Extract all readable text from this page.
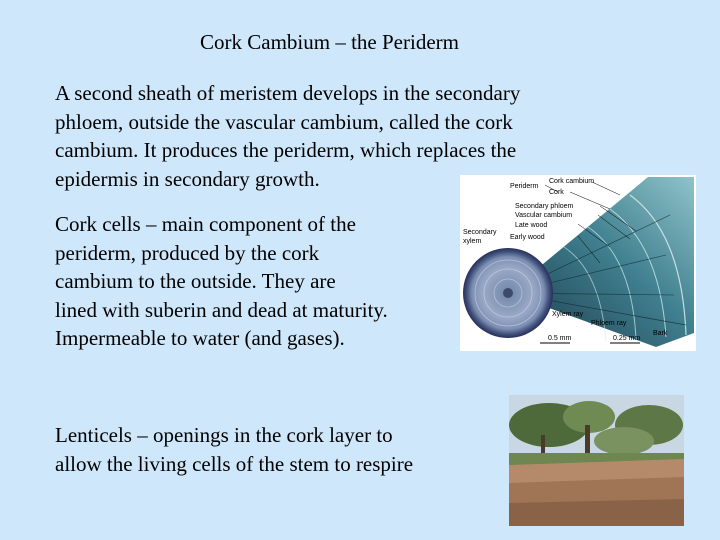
Cork Cambium – the Periderm
A second sheath of meristem develops in the secondary
phloem, outside the vascular cambium, called the cork
cambium. It produces the periderm, which replaces the
epidermis in secondary growth.
Cork cells – main component of the
periderm, produced by the cork
cambium to the outside. They are
lined with suberin and dead at maturity.
Impermeable to water (and gases).
Lenticels – openings in the cork layer to
allow the living cells of the stem to respire
Periderm
Cork cambium
Cork
Secondary phloem
Vascular cambium
Late wood
Early wood
Secondary
xylem
Xylem ray
Phloem ray
Bark
0.5 mm	0.25 mm
